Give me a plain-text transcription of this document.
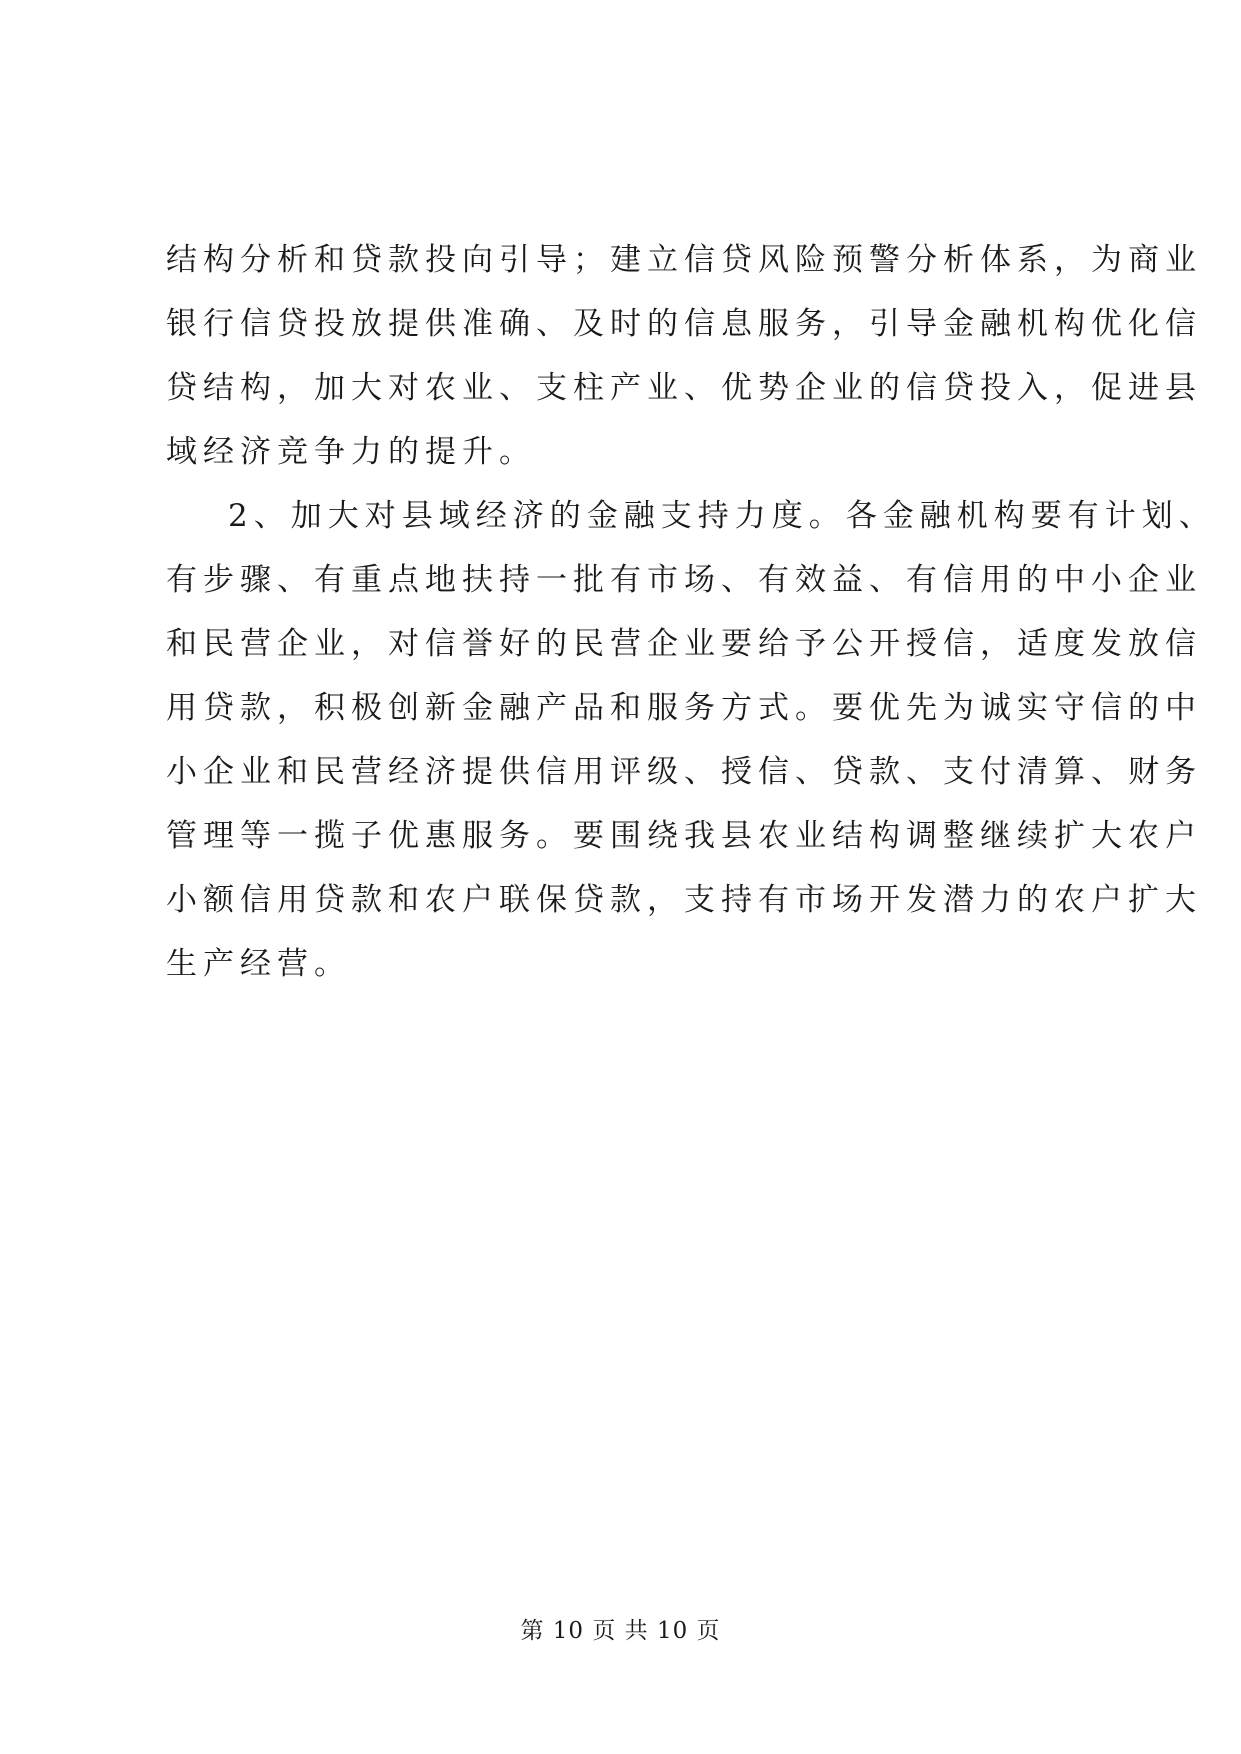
结构分析和贷款投向引导；建立信贷风险预警分析体系，为商业
银行信贷投放提供准确、及时的信息服务，引导金融机构优化信
贷结构，加大对农业、支柱产业、优势企业的信贷投入，促进县
域经济竞争力的提升。
2、加大对县域经济的金融支持力度。各金融机构要有计划、
有步骤、有重点地扶持一批有市场、有效益、有信用的中小企业
和民营企业，对信誉好的民营企业要给予公开授信，适度发放信
用贷款，积极创新金融产品和服务方式。要优先为诚实守信的中
小企业和民营经济提供信用评级、授信、贷款、支付清算、财务
管理等一揽子优惠服务。要围绕我县农业结构调整继续扩大农户
小额信用贷款和农户联保贷款，支持有市场开发潜力的农户扩大
生产经营。
第 10 页 共 10 页
